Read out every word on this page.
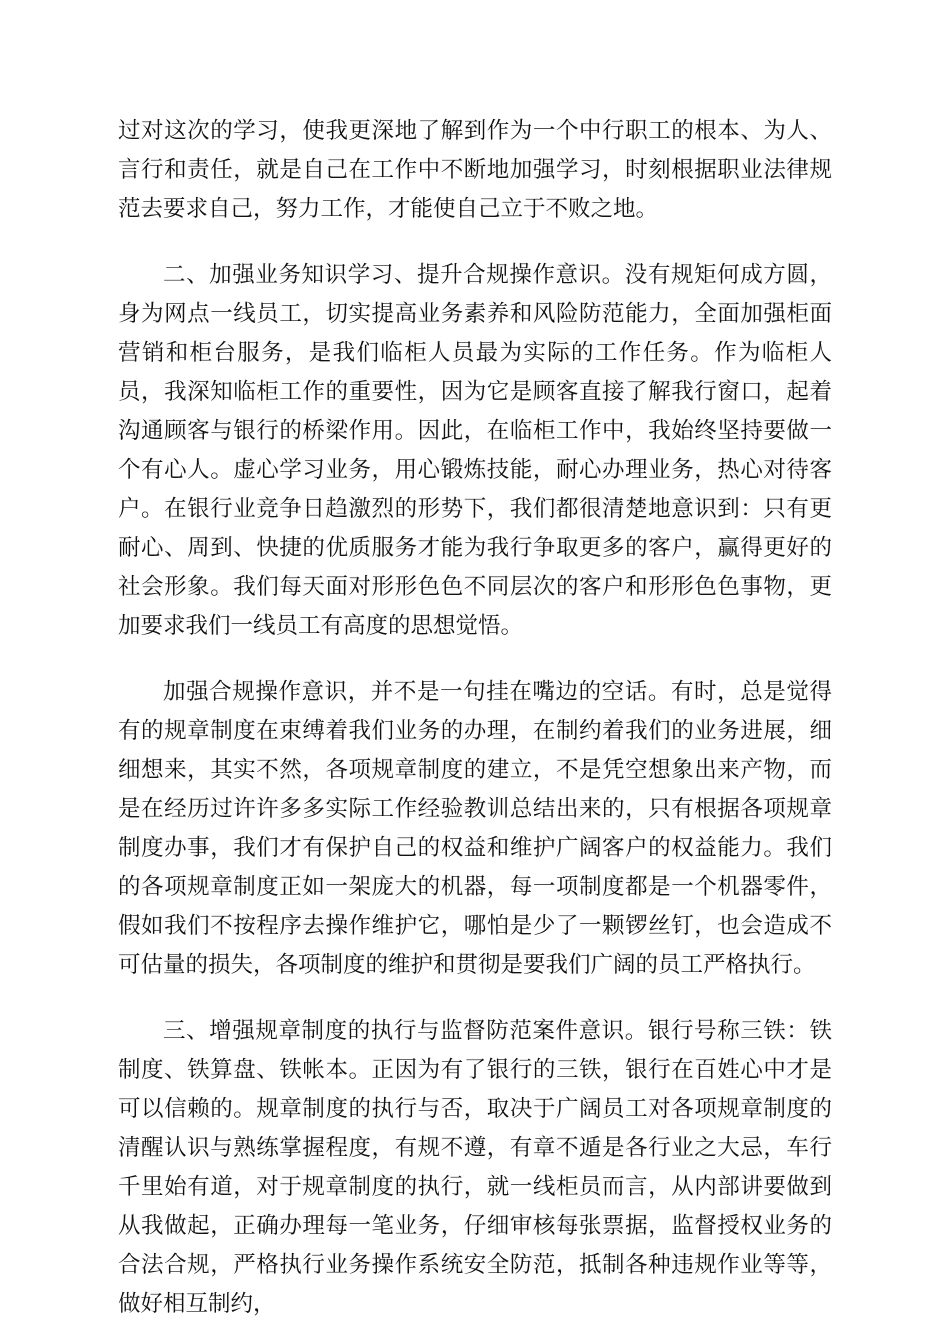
过对这次的学习，使我更深地了解到作为一个中行职工的根本、为人、言行和责任，就是自己在工作中不断地加强学习，时刻根据职业法律规范去要求自己，努力工作，才能使自己立于不败之地。

二、加强业务知识学习、提升合规操作意识。没有规矩何成方圆，身为网点一线员工，切实提高业务素养和风险防范能力，全面加强柜面营销和柜台服务，是我们临柜人员最为实际的工作任务。作为临柜人员，我深知临柜工作的重要性，因为它是顾客直接了解我行窗口，起着沟通顾客与银行的桥梁作用。因此，在临柜工作中，我始终坚持要做一个有心人。虚心学习业务，用心锻炼技能，耐心办理业务，热心对待客户。在银行业竞争日趋激烈的形势下，我们都很清楚地意识到：只有更耐心、周到、快捷的优质服务才能为我行争取更多的客户，赢得更好的社会形象。我们每天面对形形色色不同层次的客户和形形色色事物，更加要求我们一线员工有高度的思想觉悟。

加强合规操作意识，并不是一句挂在嘴边的空话。有时，总是觉得有的规章制度在束缚着我们业务的办理，在制约着我们的业务进展，细细想来，其实不然，各项规章制度的建立，不是凭空想象出来产物，而是在经历过许许多多实际工作经验教训总结出来的，只有根据各项规章制度办事，我们才有保护自己的权益和维护广阔客户的权益能力。我们的各项规章制度正如一架庞大的机器，每一项制度都是一个机器零件，假如我们不按程序去操作维护它，哪怕是少了一颗锣丝钉，也会造成不可估量的损失，各项制度的维护和贯彻是要我们广阔的员工严格执行。

三、增强规章制度的执行与监督防范案件意识。银行号称三铁：铁制度、铁算盘、铁帐本。正因为有了银行的三铁，银行在百姓心中才是可以信赖的。规章制度的执行与否，取决于广阔员工对各项规章制度的清醒认识与熟练掌握程度，有规不遵，有章不遁是各行业之大忌，车行千里始有道，对于规章制度的执行，就一线柜员而言，从内部讲要做到从我做起，正确办理每一笔业务，仔细审核每张票据，监督授权业务的合法合规，严格执行业务操作系统安全防范，抵制各种违规作业等等，做好相互制约，
